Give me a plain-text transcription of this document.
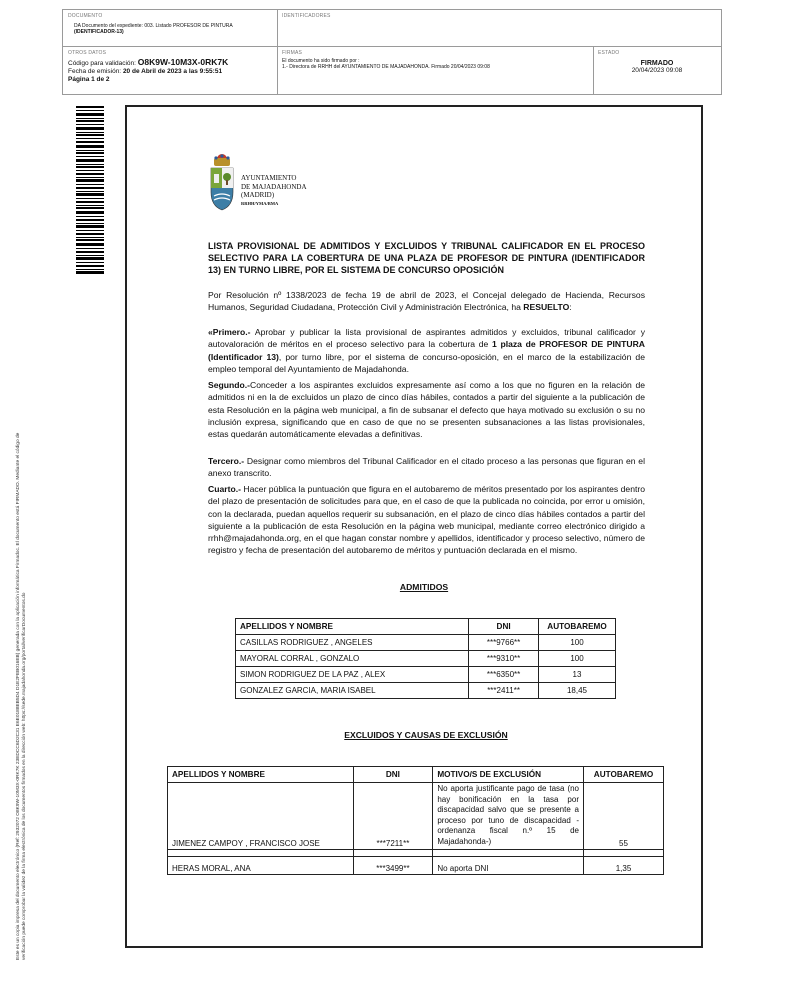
DOCUMENTO
DA Documento del expediente: 003. Listado PROFESOR DE PINTURA
(IDENTIFICADOR-13)
IDENTIFICADORES
OTROS DATOS
Código para validación: O8K9W-10M3X-0RK7K
Fecha de emisión: 20 de Abril de 2023 a las 9:55:51
Página 1 de 2
FIRMAS
El documento ha sido firmado por :
1.- Directora de RRHH del AYUNTAMIENTO DE MAJADAHONDA. Firmado 20/04/2023 09:08
ESTADO
FIRMADO
20/04/2023 09:08
Este es un copia impresa del documento electrónico (Ref: 2932072 O8K9W-10M3X-0RK7K 23EDCC6D2C31 E6E0188EB5D4 D1E2FEB016EB) generada con la aplicación informática Firmadoc. El documento está FIRMADO. Mediante el código de verificación puede comprobar la validez de la firma electrónica de los documentos firmados en la dirección web: https://sede.majadahonda.org/portal/verificarDocumentos.do
AYUNTAMIENTO
DE MAJADAHONDA
(MADRID)
RRHH/YMA/BMA
LISTA PROVISIONAL DE ADMITIDOS Y EXCLUIDOS Y TRIBUNAL CALIFICADOR EN EL PROCESO SELECTIVO PARA LA COBERTURA DE UNA PLAZA DE PROFESOR DE PINTURA (IDENTIFICADOR 13) EN TURNO LIBRE, POR EL SISTEMA DE CONCURSO OPOSICIÓN
Por Resolución nº 1338/2023 de fecha 19 de abril de 2023, el Concejal delegado de Hacienda, Recursos Humanos, Seguridad Ciudadana, Protección Civil y Administración Electrónica, ha RESUELTO:
«Primero.- Aprobar y publicar la lista provisional de aspirantes admitidos y excluidos, tribunal calificador y autovaloración de méritos en el proceso selectivo para la cobertura de 1 plaza de PROFESOR DE PINTURA (Identificador 13), por turno libre, por el sistema de concurso-oposición, en el marco de la estabilización de empleo temporal del Ayuntamiento de Majadahonda.
Segundo.-Conceder a los aspirantes excluidos expresamente así como a los que no figuren en la relación de admitidos ni en la de excluidos un plazo de cinco días hábiles, contados a partir del siguiente a la publicación de esta Resolución en la página web municipal, a fin de subsanar el defecto que haya motivado su exclusión o su no inclusión expresa, significando que en caso de que no se presenten subsanaciones a las listas provisionales, estas quedarán automáticamente elevadas a definitivas.
Tercero.- Designar como miembros del Tribunal Calificador en el citado proceso a las personas que figuran en el anexo transcrito.
Cuarto.- Hacer pública la puntuación que figura en el autobaremo de méritos presentado por los aspirantes dentro del plazo de presentación de solicitudes para que, en el caso de que la publicada no coincida, por error u omisión, con la declarada, puedan aquellos requerir su subsanación, en el plazo de cinco días hábiles contados a partir del siguiente a la publicación de esta Resolución en la página web municipal, mediante correo electrónico dirigido a rrhh@majadahonda.org, en el que hagan constar nombre y apellidos, identificador y proceso selectivo, número de registro y fecha de presentación del autobaremo de méritos y puntuación declarada en el mismo.
ADMITIDOS
APELLIDOS Y NOMBRE	DNI	AUTOBAREMO
CASILLAS RODRIGUEZ , ANGELES	***9766**	100
MAYORAL CORRAL , GONZALO	***9310**	100
SIMON RODRIGUEZ DE LA PAZ , ALEX	***6350**	13
GONZALEZ GARCIA, MARIA ISABEL	***2411**	18,45
EXCLUIDOS Y CAUSAS DE EXCLUSIÓN
APELLIDOS Y NOMBRE	DNI	MOTIVO/S DE EXCLUSIÓN	AUTOBAREMO
JIMENEZ CAMPOY , FRANCISCO JOSE	***7211**	No aporta justificante pago de tasa (no hay bonificación en la tasa por discapacidad salvo que se presente a proceso por tuno de discapacidad -ordenanza fiscal n.º 15 de Majadahonda-)	55

HERAS MORAL, ANA	***3499**	No aporta DNI	1,35
